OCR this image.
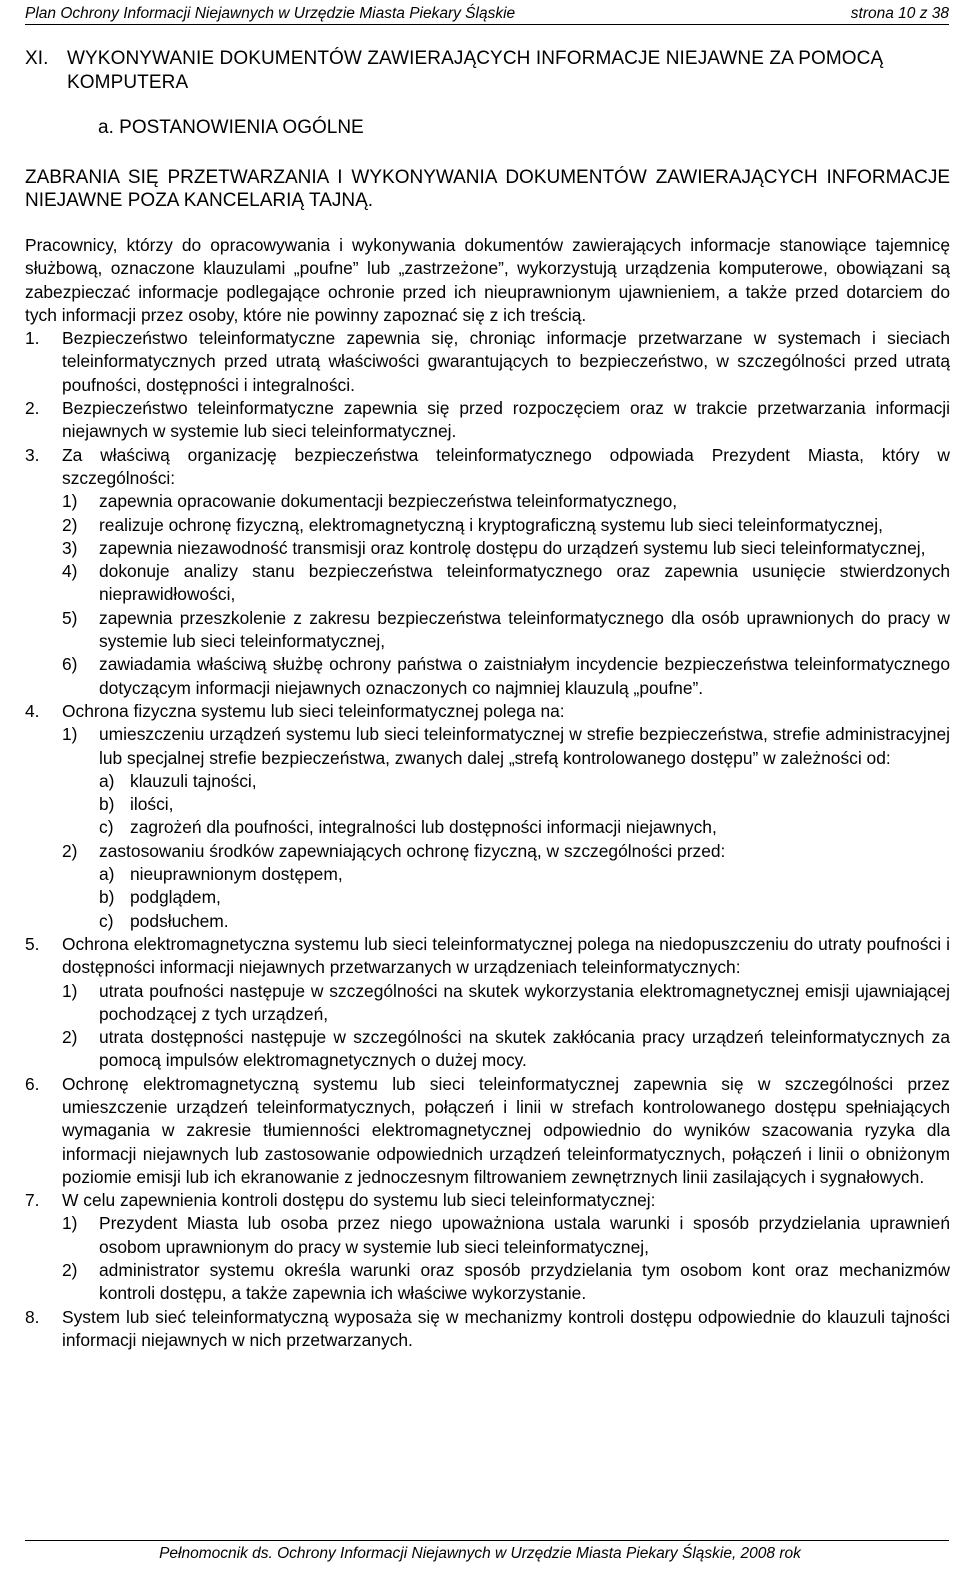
Plan Ochrony Informacji Niejawnych w Urzędzie Miasta Piekary Śląskie	strona 10 z 38
XI. WYKONYWANIE DOKUMENTÓW ZAWIERAJĄCYCH INFORMACJE NIEJAWNE ZA POMOCĄ KOMPUTERA
a. POSTANOWIENIA OGÓLNE
ZABRANIA SIĘ PRZETWARZANIA I WYKONYWANIA DOKUMENTÓW ZAWIERAJĄCYCH INFORMACJE NIEJAWNE POZA KANCELARIĄ TAJNĄ.

Pracownicy, którzy do opracowywania i wykonywania dokumentów zawierających informacje stanowiące tajemnicę służbową, oznaczone klauzulami „poufne” lub „zastrzeżone”, wykorzystują urządzenia komputerowe, obowiązani są zabezpieczać informacje podlegające ochronie przed ich nieuprawnionym ujawnieniem, a także przed dotarciem do tych informacji przez osoby, które nie powinny zapoznać się z ich treścią.

1. Bezpieczeństwo teleinformatyczne zapewnia się, chroniąc informacje przetwarzane w systemach i sieciach teleinformatycznych przed utratą właściwości gwarantujących to bezpieczeństwo, w szczególności przed utratą poufności, dostępności i integralności.
2. Bezpieczeństwo teleinformatyczne zapewnia się przed rozpoczęciem oraz w trakcie przetwarzania informacji niejawnych w systemie lub sieci teleinformatycznej.
3. Za właściwą organizację bezpieczeństwa teleinformatycznego odpowiada Prezydent Miasta, który w szczególności:
1) zapewnia opracowanie dokumentacji bezpieczeństwa teleinformatycznego,
2) realizuje ochronę fizyczną, elektromagnetyczną i kryptograficzną systemu lub sieci teleinformatycznej,
3) zapewnia niezawodność transmisji oraz kontrolę dostępu do urządzeń systemu lub sieci teleinformatycznej,
4) dokonuje analizy stanu bezpieczeństwa teleinformatycznego oraz zapewnia usunięcie stwierdzonych nieprawidłowości,
5) zapewnia przeszkolenie z zakresu bezpieczeństwa teleinformatycznego dla osób uprawnionych do pracy w systemie lub sieci teleinformatycznej,
6) zawiadamia właściwą służbę ochrony państwa o zaistniałym incydencie bezpieczeństwa teleinformatycznego dotyczącym informacji niejawnych oznaczonych co najmniej klauzulą „poufne”.
4. Ochrona fizyczna systemu lub sieci teleinformatycznej polega na:
1) umieszczeniu urządzeń systemu lub sieci teleinformatycznej w strefie bezpieczeństwa, strefie administracyjnej lub specjalnej strefie bezpieczeństwa, zwanych dalej „strefą kontrolowanego dostępu” w zależności od:
a) klauzuli tajności,
b) ilości,
c) zagrożeń dla poufności, integralności lub dostępności informacji niejawnych,
2) zastosowaniu środków zapewniających ochronę fizyczną, w szczególności przed:
a) nieuprawnionym dostępem,
b) podglądem,
c) podsłuchem.
5. Ochrona elektromagnetyczna systemu lub sieci teleinformatycznej polega na niedopuszczeniu do utraty poufności i dostępności informacji niejawnych przetwarzanych w urządzeniach teleinformatycznych:
1) utrata poufności następuje w szczególności na skutek wykorzystania elektromagnetycznej emisji ujawniającej pochodzącej z tych urządzeń,
2) utrata dostępności następuje w szczególności na skutek zakłócania pracy urządzeń teleinformatycznych za pomocą impulsów elektromagnetycznych o dużej mocy.
6. Ochronę elektromagnetyczną systemu lub sieci teleinformatycznej zapewnia się w szczególności przez umieszczenie urządzeń teleinformatycznych, połączeń i linii w strefach kontrolowanego dostępu spełniających wymagania w zakresie tłumienności elektromagnetycznej odpowiednio do wyników szacowania ryzyka dla informacji niejawnych lub zastosowanie odpowiednich urządzeń teleinformatycznych, połączeń i linii o obniżonym poziomie emisji lub ich ekranowanie z jednoczesnym filtrowaniem zewnętrznych linii zasilających i sygnałowych.
7. W celu zapewnienia kontroli dostępu do systemu lub sieci teleinformatycznej:
1) Prezydent Miasta lub osoba przez niego upoważniona ustala warunki i sposób przydzielania uprawnień osobom uprawnionym do pracy w systemie lub sieci teleinformatycznej,
2) administrator systemu określa warunki oraz sposób przydzielania tym osobom kont oraz mechanizmów kontroli dostępu, a także zapewnia ich właściwe wykorzystanie.
8. System lub sieć teleinformatyczną wyposaża się w mechanizmy kontroli dostępu odpowiednie do klauzuli tajności informacji niejawnych w nich przetwarzanych.
Pełnomocnik ds. Ochrony Informacji Niejawnych w Urzędzie Miasta Piekary Śląskie, 2008 rok
